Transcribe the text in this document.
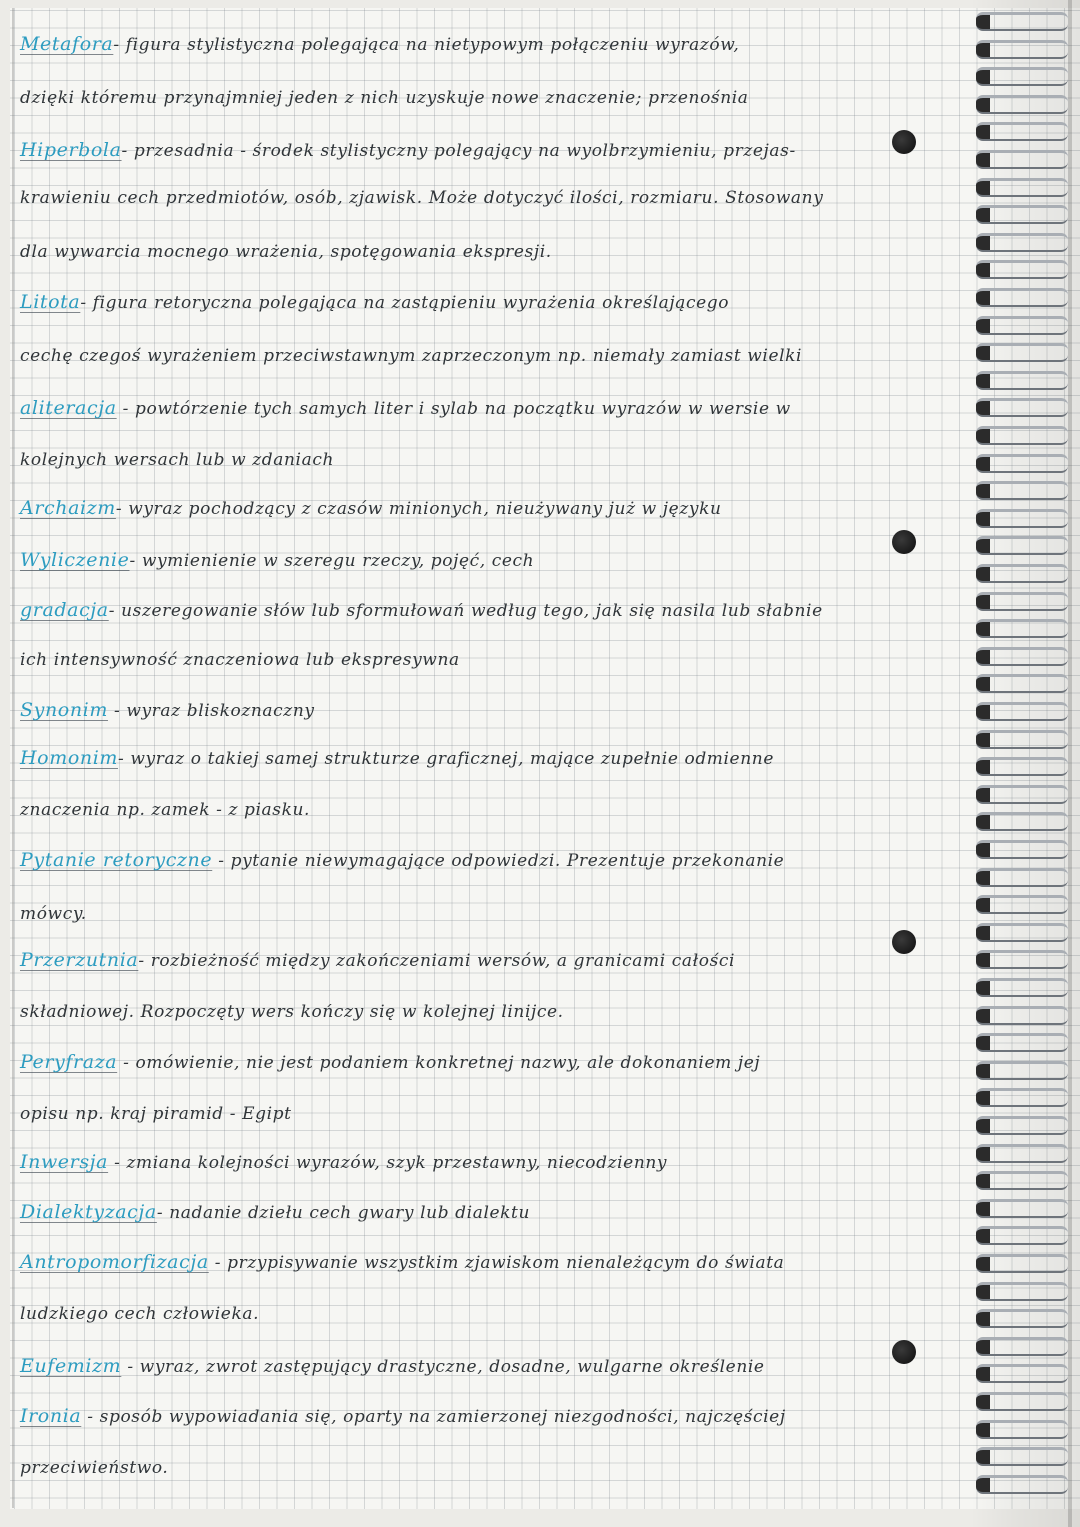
Metafora- figura stylistyczna polegająca na nietypowym połączeniu wyrazów,
dzięki któremu przynajmniej jeden z nich uzyskuje nowe znaczenie; przenośnia
Hiperbola- przesadnia - środek stylistyczny polegający na wyolbrzymieniu, przejas-
krawieniu cech przedmiotów, osób, zjawisk. Może dotyczyć ilości, rozmiaru. Stosowany
dla wywarcia mocnego wrażenia, spotęgowania ekspresji.
Litota- figura retoryczna polegająca na zastąpieniu wyrażenia określającego
cechę czegoś wyrażeniem przeciwstawnym zaprzeczonym np. niemały zamiast wielki
aliteracja - powtórzenie tych samych liter i sylab na początku wyrazów w wersie w
kolejnych wersach lub w zdaniach
Archaizm- wyraz pochodzący z czasów minionych, nieużywany już w języku
Wyliczenie- wymienienie w szeregu rzeczy, pojęć, cech
gradacja- uszeregowanie słów lub sformułowań według tego, jak się nasila lub słabnie
ich intensywność znaczeniowa lub ekspresywna
Synonim - wyraz bliskoznaczny
Homonim- wyraz o takiej samej strukturze graficznej, mające zupełnie odmienne
znaczenia np. zamek - z piasku.
Pytanie retoryczne - pytanie niewymagające odpowiedzi. Prezentuje przekonanie
mówcy.
Przerzutnia- rozbieżność między zakończeniami wersów, a granicami całości
składniowej. Rozpoczęty wers kończy się w kolejnej linijce.
Peryfraza - omówienie, nie jest podaniem konkretnej nazwy, ale dokonaniem jej
opisu np. kraj piramid - Egipt
Inwersja - zmiana kolejności wyrazów, szyk przestawny, niecodzienny
Dialektyzacja- nadanie dziełu cech gwary lub dialektu
Antropomorfizacja - przypisywanie wszystkim zjawiskom nienależącym do świata
ludzkiego cech człowieka.
Eufemizm - wyraz, zwrot zastępujący drastyczne, dosadne, wulgarne określenie
Ironia - sposób wypowiadania się, oparty na zamierzonej niezgodności, najczęściej
przeciwieństwo.
